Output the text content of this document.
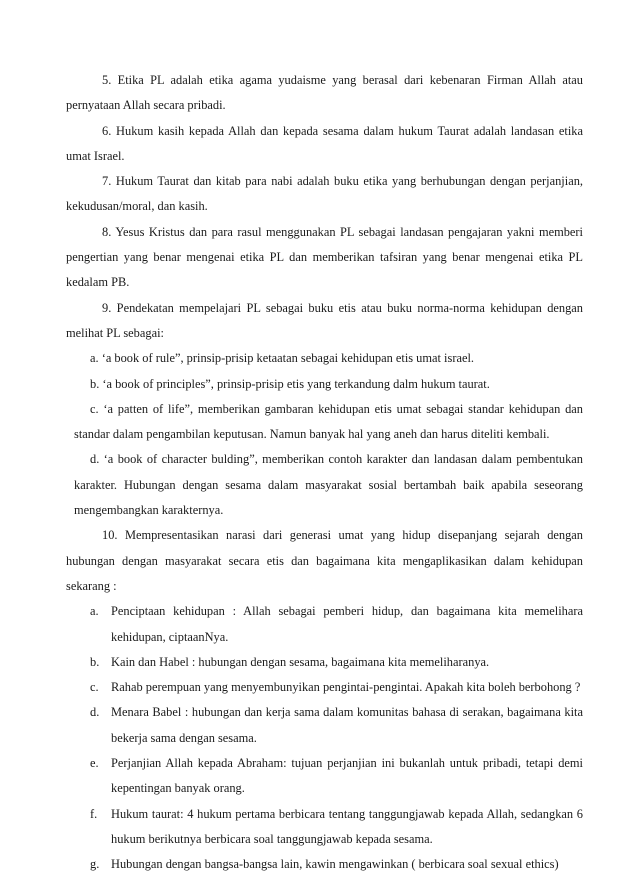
5. Etika PL adalah etika agama yudaisme yang berasal dari kebenaran Firman Allah atau pernyataan Allah secara pribadi.

6. Hukum kasih kepada Allah dan kepada sesama dalam hukum Taurat adalah landasan etika umat Israel.

7. Hukum Taurat dan kitab para nabi adalah buku etika yang berhubungan dengan perjanjian, kekudusan/moral, dan kasih.

8. Yesus Kristus dan para rasul menggunakan PL sebagai landasan pengajaran yakni memberi pengertian yang benar mengenai etika PL dan memberikan tafsiran yang benar mengenai etika PL kedalam PB.

9. Pendekatan mempelajari PL sebagai buku etis atau buku norma-norma kehidupan dengan melihat PL sebagai:

a. ‘a book of rule”, prinsip-prisip ketaatan sebagai kehidupan etis umat israel.

b. ‘a book of principles”, prinsip-prisip etis yang terkandung dalm hukum taurat.

c. ‘a patten of life”, memberikan gambaran kehidupan etis umat sebagai standar kehidupan dan standar dalam pengambilan keputusan. Namun banyak hal yang aneh dan harus diteliti kembali.

d. ‘a book of character bulding”, memberikan contoh karakter dan landasan dalam pembentukan karakter. Hubungan dengan sesama dalam masyarakat sosial bertambah baik apabila seseorang mengembangkan karakternya.

10. Mempresentasikan narasi dari generasi umat yang hidup disepanjang sejarah dengan hubungan dengan masyarakat secara etis dan bagaimana kita mengaplikasikan dalam kehidupan sekarang :

a. Penciptaan kehidupan : Allah sebagai pemberi hidup, dan bagaimana kita memelihara kehidupan, ciptaanNya.
b. Kain dan Habel : hubungan dengan sesama, bagaimana kita memeliharanya.
c. Rahab perempuan yang menyembunyikan pengintai-pengintai. Apakah kita boleh berbohong ?
d. Menara Babel : hubungan dan kerja sama dalam komunitas bahasa di serakan, bagaimana kita bekerja sama dengan sesama.
e. Perjanjian Allah kepada Abraham: tujuan perjanjian ini bukanlah untuk pribadi, tetapi demi kepentingan banyak orang.
f. Hukum taurat: 4 hukum pertama berbicara tentang tanggungjawab kepada Allah, sedangkan 6 hukum berikutnya berbicara soal tanggungjawab kepada sesama.
g. Hubungan dengan bangsa-bangsa lain, kawin mengawinkan ( berbicara soal sexual ethics)
